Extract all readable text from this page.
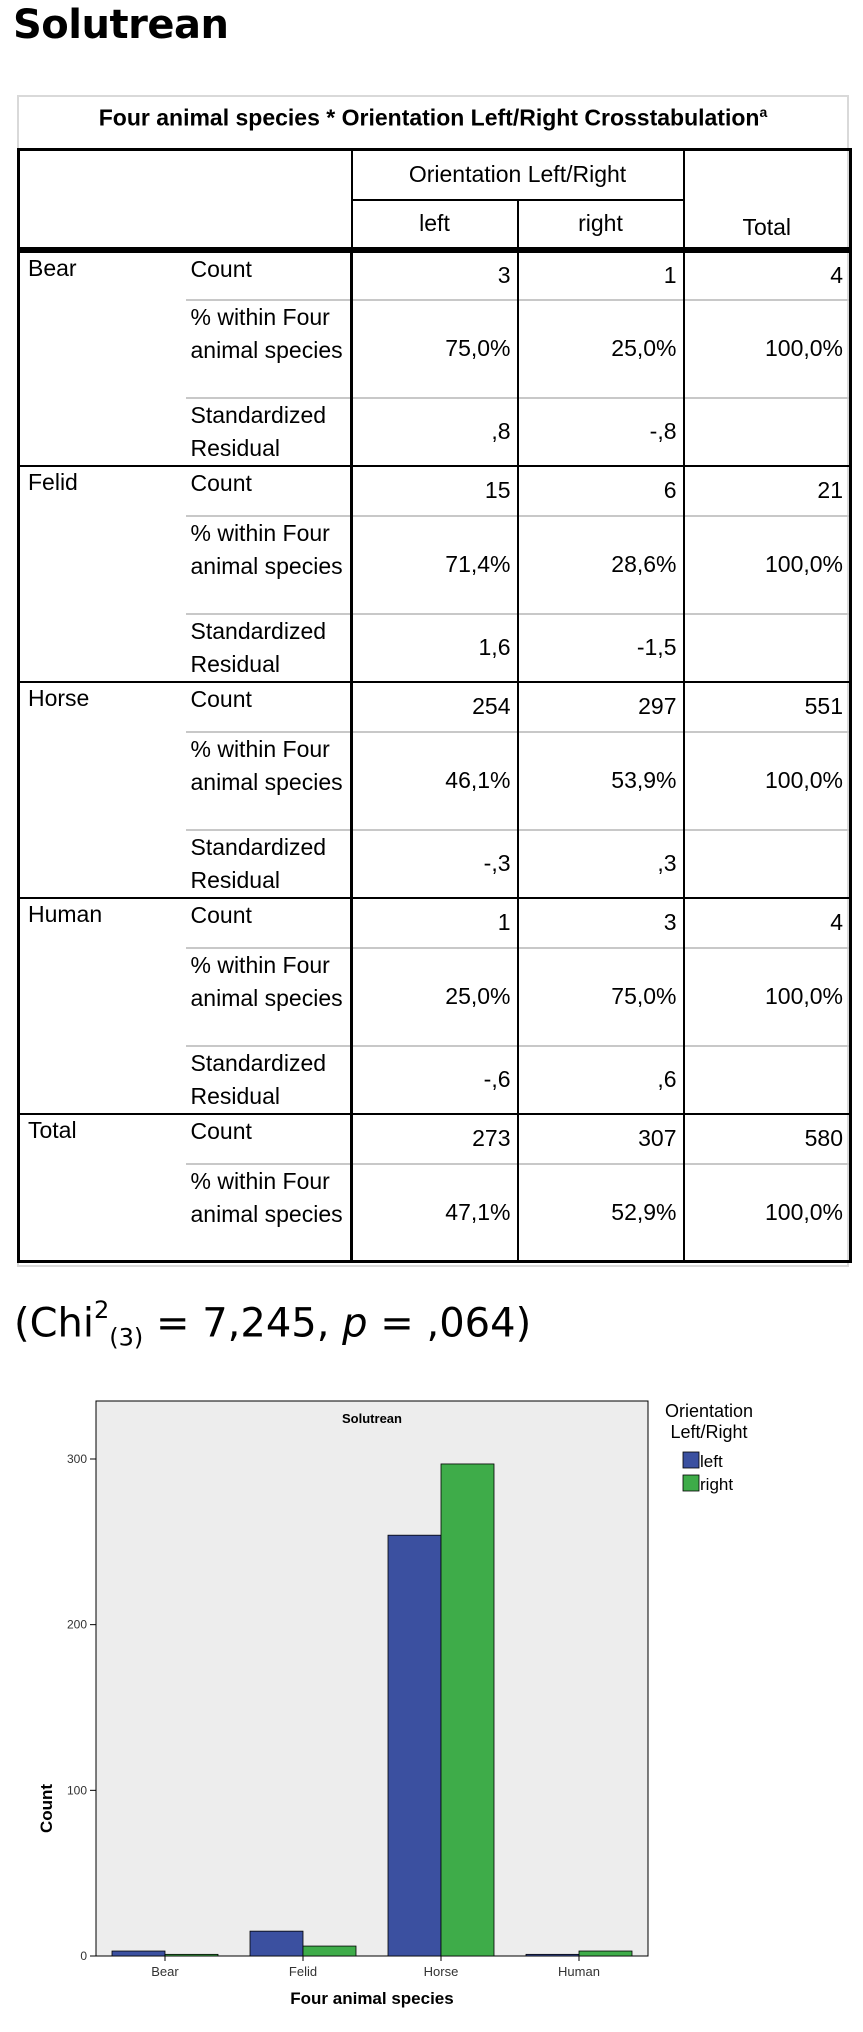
Solutrean
Four animal species * Orientation Left/Right Crosstabulation$^a$
		Orientation Left/Right		Total
		left	right	
Bear	Count	3	1	4
	% within Four animal species	75,0%	25,0%	100,0%
	Standardized Residual	,8	-,8	
Felid	Count	15	6	21
	% within Four animal species	71,4%	28,6%	100,0%
	Standardized Residual	1,6	-1,5	
Horse	Count	254	297	551
	% within Four animal species	46,1%	53,9%	100,0%
	Standardized Residual	-,3	,3	
Human	Count	1	3	4
	% within Four animal species	25,0%	75,0%	100,0%
	Standardized Residual	-,6	,6	
Total	Count	273	307	580
	% within Four animal species	47,1%	52,9%	100,0%
(Chi$^2_{(3)}$ = 7,245, p = ,064)
Solutrean
0
100
200
300
Bear	Felid	Horse	Human
Four animal species
Count
Orientation
Left/Right
left
right
